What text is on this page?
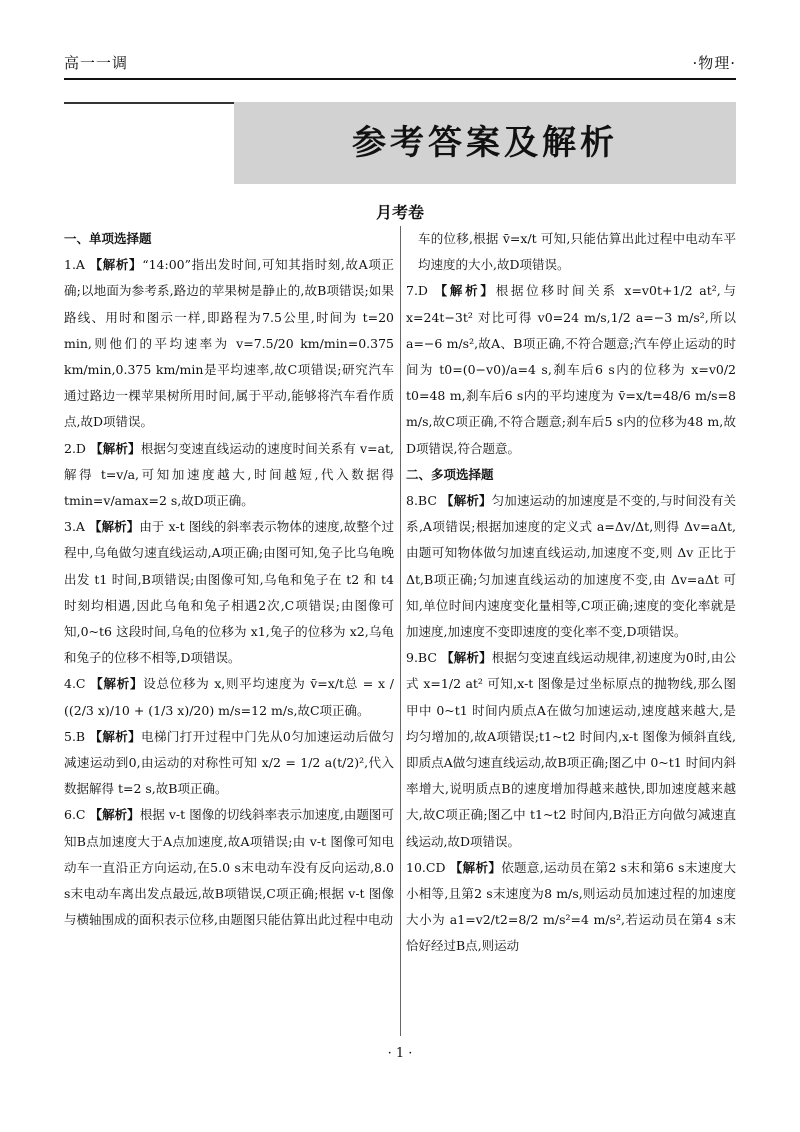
高一一调	·物理·
参考答案及解析
月考卷
一、单项选择题
1.A 【解析】“14:00”指出发时间,可知其指时刻,故A项正确;以地面为参考系,路边的苹果树是静止的,故B项错误;如果路线、用时和图示一样,即路程为7.5公里,时间为 t=20 min,则他们的平均速率为 v=7.5/20 km/min=0.375 km/min,0.375 km/min是平均速率,故C项错误;研究汽车通过路边一棵苹果树所用时间,属于平动,能够将汽车看作质点,故D项错误。
2.D 【解析】根据匀变速直线运动的速度时间关系有 v=at,解得 t=v/a,可知加速度越大,时间越短,代入数据得 tmin=v/amax=2 s,故D项正确。
3.A 【解析】由于 x-t 图线的斜率表示物体的速度,故整个过程中,乌龟做匀速直线运动,A项正确;由图可知,兔子比乌龟晚出发 t1 时间,B项错误;由图像可知,乌龟和兔子在 t2 和 t4 时刻均相遇,因此乌龟和兔子相遇2次,C项错误;由图像可知,0~t6 这段时间,乌龟的位移为 x1,兔子的位移为 x2,乌龟和兔子的位移不相等,D项错误。
4.C 【解析】设总位移为 x,则平均速度为 v̄=x/t总 = x / ((2/3 x)/10 + (1/3 x)/20) m/s=12 m/s,故C项正确。
5.B 【解析】电梯门打开过程中门先从0匀加速运动后做匀减速运动到0,由运动的对称性可知 x/2 = 1/2 a(t/2)²,代入数据解得 t=2 s,故B项正确。
6.C 【解析】根据 v-t 图像的切线斜率表示加速度,由题图可知B点加速度大于A点加速度,故A项错误;由 v-t 图像可知电动车一直沿正方向运动,在5.0 s末电动车没有反向运动,8.0 s末电动车离出发点最远,故B项错误,C项正确;根据 v-t 图像与横轴围成的面积表示位移,由题图只能估算出此过程中电动
车的位移,根据 v̄=x/t 可知,只能估算出此过程中电动车平均速度的大小,故D项错误。
7.D 【解析】根据位移时间关系 x=v0t+1/2 at²,与 x=24t−3t² 对比可得 v0=24 m/s,1/2 a=−3 m/s²,所以 a=−6 m/s²,故A、B项正确,不符合题意;汽车停止运动的时间为 t0=(0−v0)/a=4 s,刹车后6 s内的位移为 x=v0/2 t0=48 m,刹车后6 s内的平均速度为 v̄=x/t=48/6 m/s=8 m/s,故C项正确,不符合题意;刹车后5 s内的位移为48 m,故D项错误,符合题意。
二、多项选择题
8.BC 【解析】匀加速运动的加速度是不变的,与时间没有关系,A项错误;根据加速度的定义式 a=Δv/Δt,则得 Δv=aΔt,由题可知物体做匀加速直线运动,加速度不变,则 Δv 正比于 Δt,B项正确;匀加速直线运动的加速度不变,由 Δv=aΔt 可知,单位时间内速度变化量相等,C项正确;速度的变化率就是加速度,加速度不变即速度的变化率不变,D项错误。
9.BC 【解析】根据匀变速直线运动规律,初速度为0时,由公式 x=1/2 at² 可知,x-t 图像是过坐标原点的抛物线,那么图甲中 0~t1 时间内质点A在做匀加速运动,速度越来越大,是均匀增加的,故A项错误;t1~t2 时间内,x-t 图像为倾斜直线,即质点A做匀速直线运动,故B项正确;图乙中 0~t1 时间内斜率增大,说明质点B的速度增加得越来越快,即加速度越来越大,故C项正确;图乙中 t1~t2 时间内,B沿正方向做匀减速直线运动,故D项错误。
10.CD 【解析】依题意,运动员在第2 s末和第6 s末速度大小相等,且第2 s末速度为8 m/s,则运动员加速过程的加速度大小为 a1=v2/t2=8/2 m/s²=4 m/s²,若运动员在第4 s末恰好经过B点,则运动
· 1 ·
